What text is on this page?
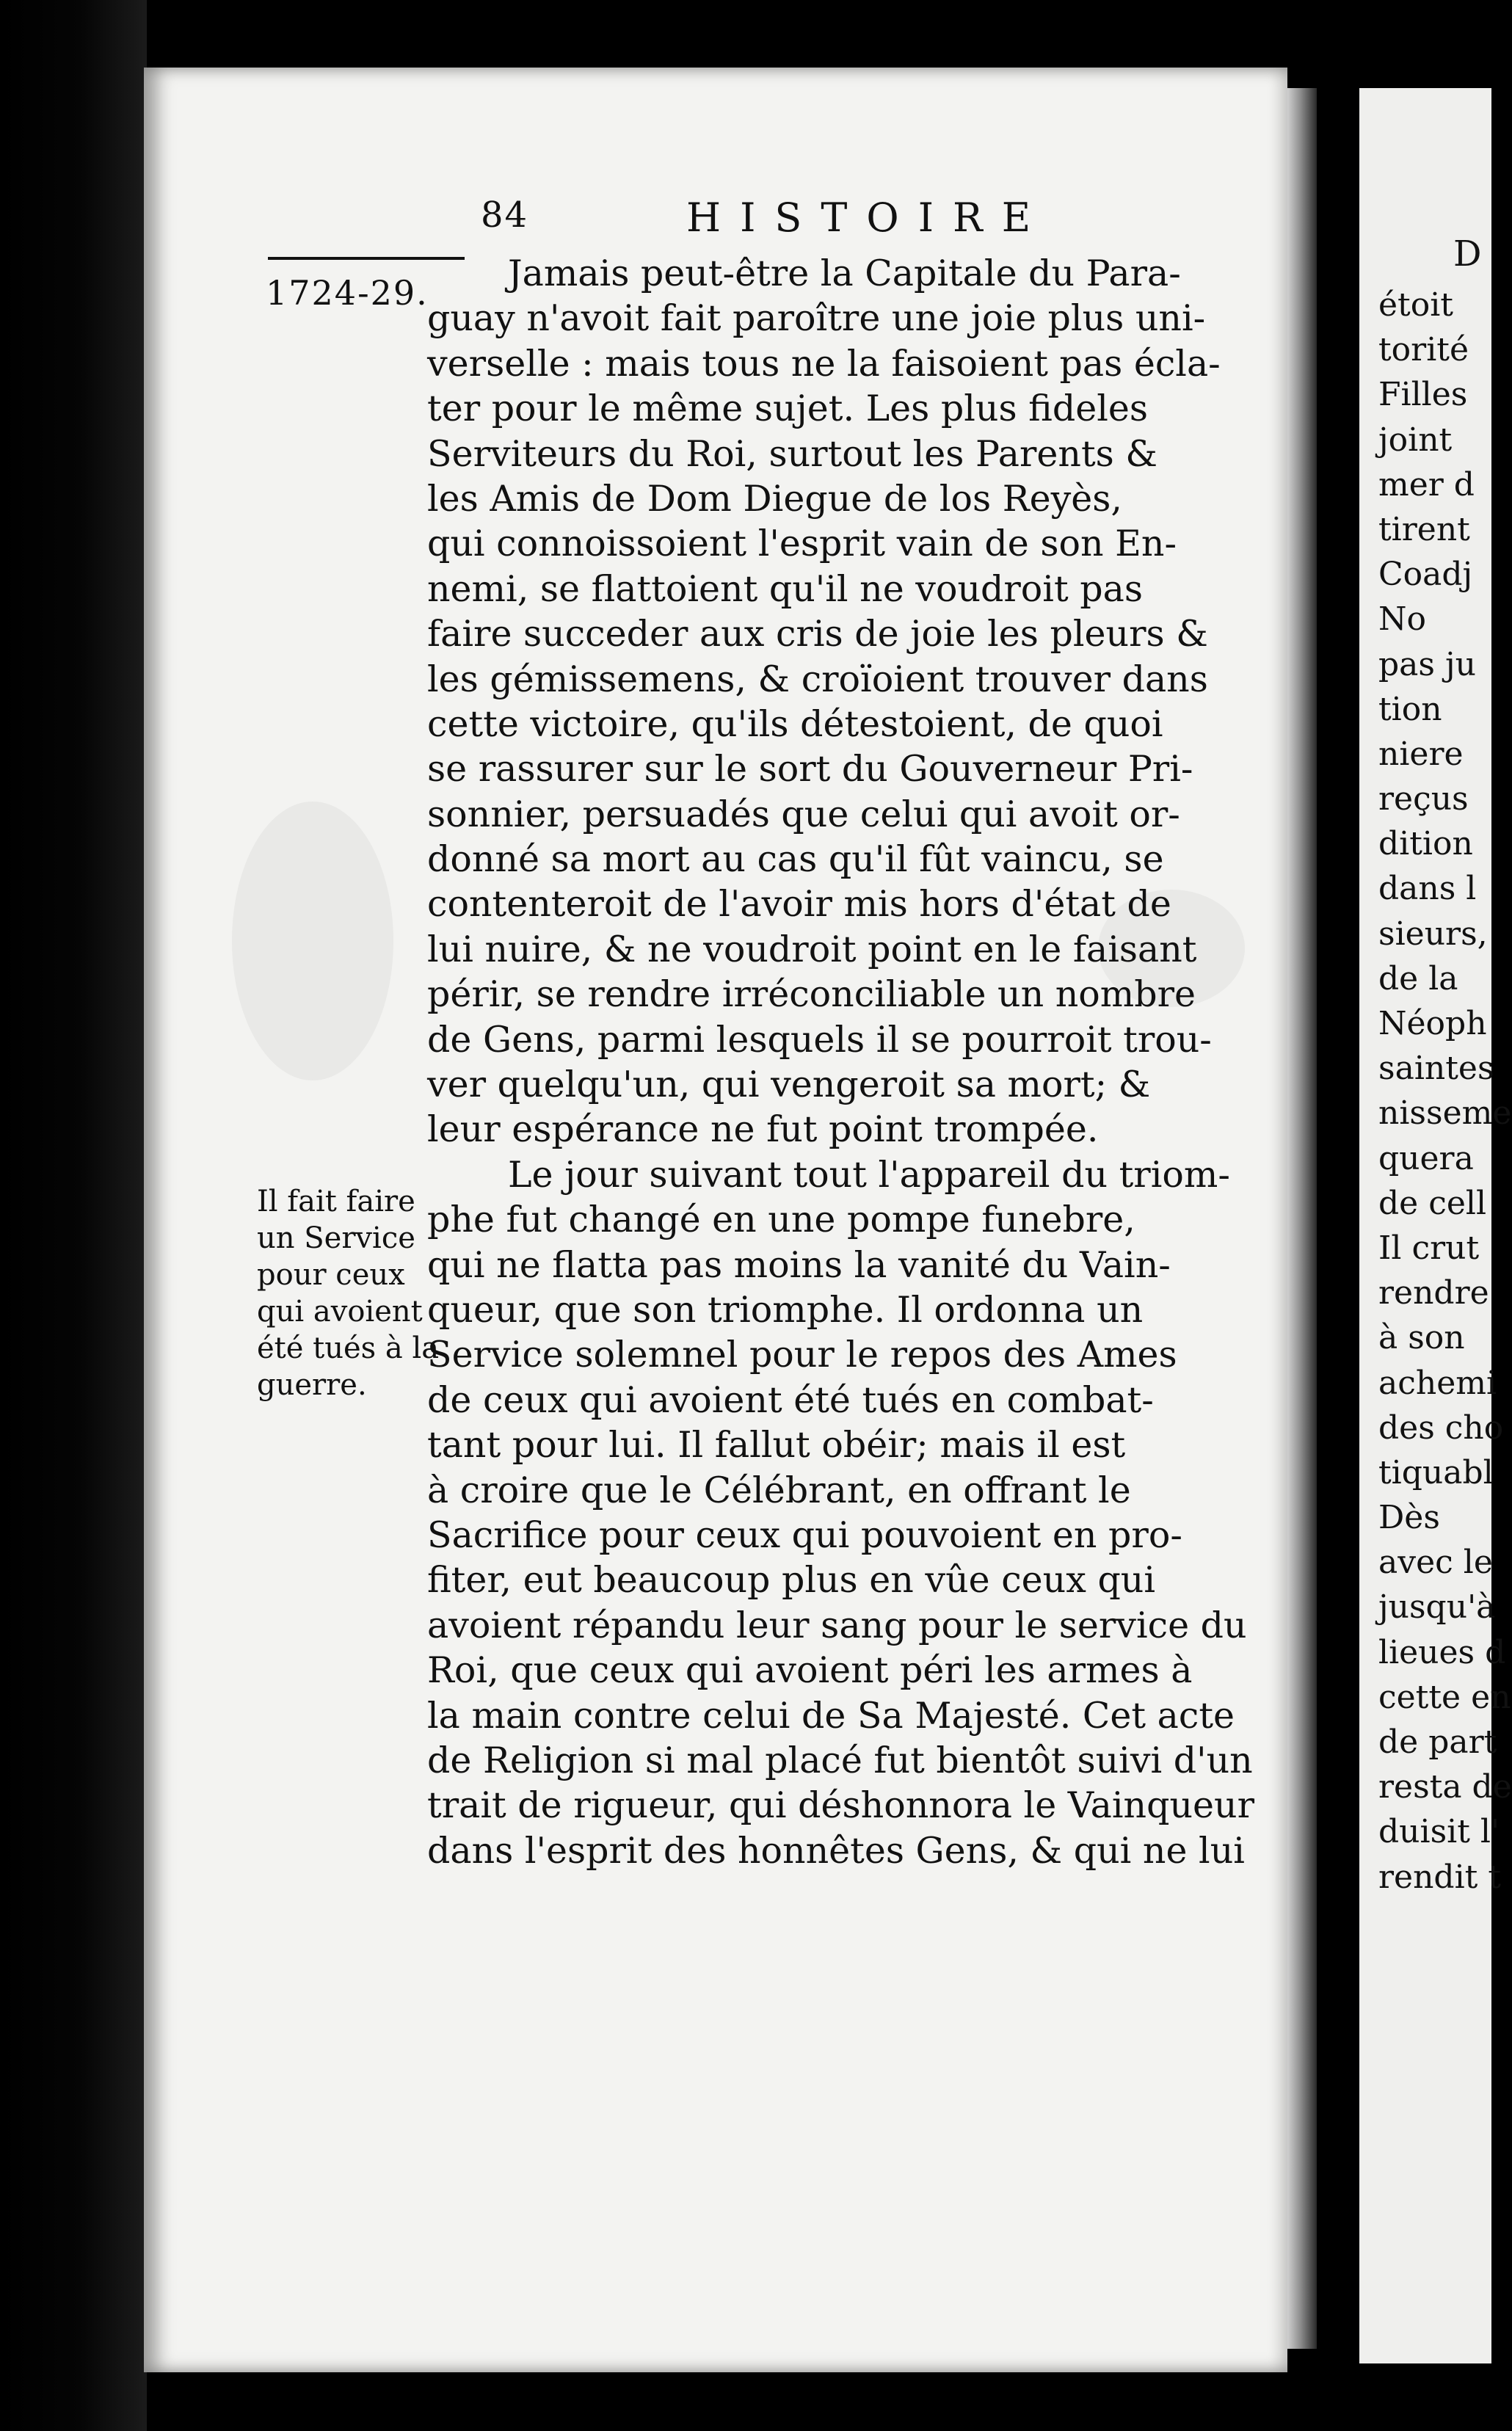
84	HISTOIRE
1724-29.	Jamais peut-être la Capitale du Para-
guay n'avoit fait paroître une joie plus uni-
verselle : mais tous ne la faisoient pas écla-
ter pour le même sujet. Les plus fideles
Serviteurs du Roi, surtout les Parents &
les Amis de Dom Diegue de los Reyès,
qui connoissoient l'esprit vain de son En-
nemi, se flattoient qu'il ne voudroit pas
faire succeder aux cris de joie les pleurs &
les gémissemens, & croïoient trouver dans
cette victoire, qu'ils détestoient, de quoi
se rassurer sur le sort du Gouverneur Pri-
sonnier, persuadés que celui qui avoit or-
donné sa mort au cas qu'il fût vaincu, se
contenteroit de l'avoir mis hors d'état de
lui nuire, & ne voudroit point en le faisant
périr, se rendre irréconciliable un nombre
de Gens, parmi lesquels il se pourroit trou-
ver quelqu'un, qui vengeroit sa mort; &
leur espérance ne fut point trompée.
Le jour suivant tout l'appareil du triom-
phe fut changé en une pompe funebre,
qui ne flatta pas moins la vanité du Vain-
queur, que son triomphe. Il ordonna un
Service solemnel pour le repos des Ames
de ceux qui avoient été tués en combat-
tant pour lui. Il fallut obéir; mais il est
à croire que le Célébrant, en offrant le
Sacrifice pour ceux qui pouvoient en pro-
fiter, eut beaucoup plus en vûe ceux qui
avoient répandu leur sang pour le service du
Roi, que ceux qui avoient péri les armes à
la main contre celui de Sa Majesté. Cet acte
de Religion si mal placé fut bientôt suivi d'un
trait de rigueur, qui déshonnora le Vainqueur
dans l'esprit des honnêtes Gens, & qui ne lui
Il fait faire
un Service
pour ceux
qui avoient
été tués à la
guerre.
D
étoit
torité
Filles
joint
mer d
tirent
Coadj
No
pas ju
tion
niere
reçus
dition
dans l
sieurs,
de la
Néoph
saintes
nisseme
quera
de cell
Il crut
rendre
à son
achemi
des cho
tiquabl
Dès
avec le
jusqu'à
lieues d
cette en
de part
resta de
duisit l'
rendit t
